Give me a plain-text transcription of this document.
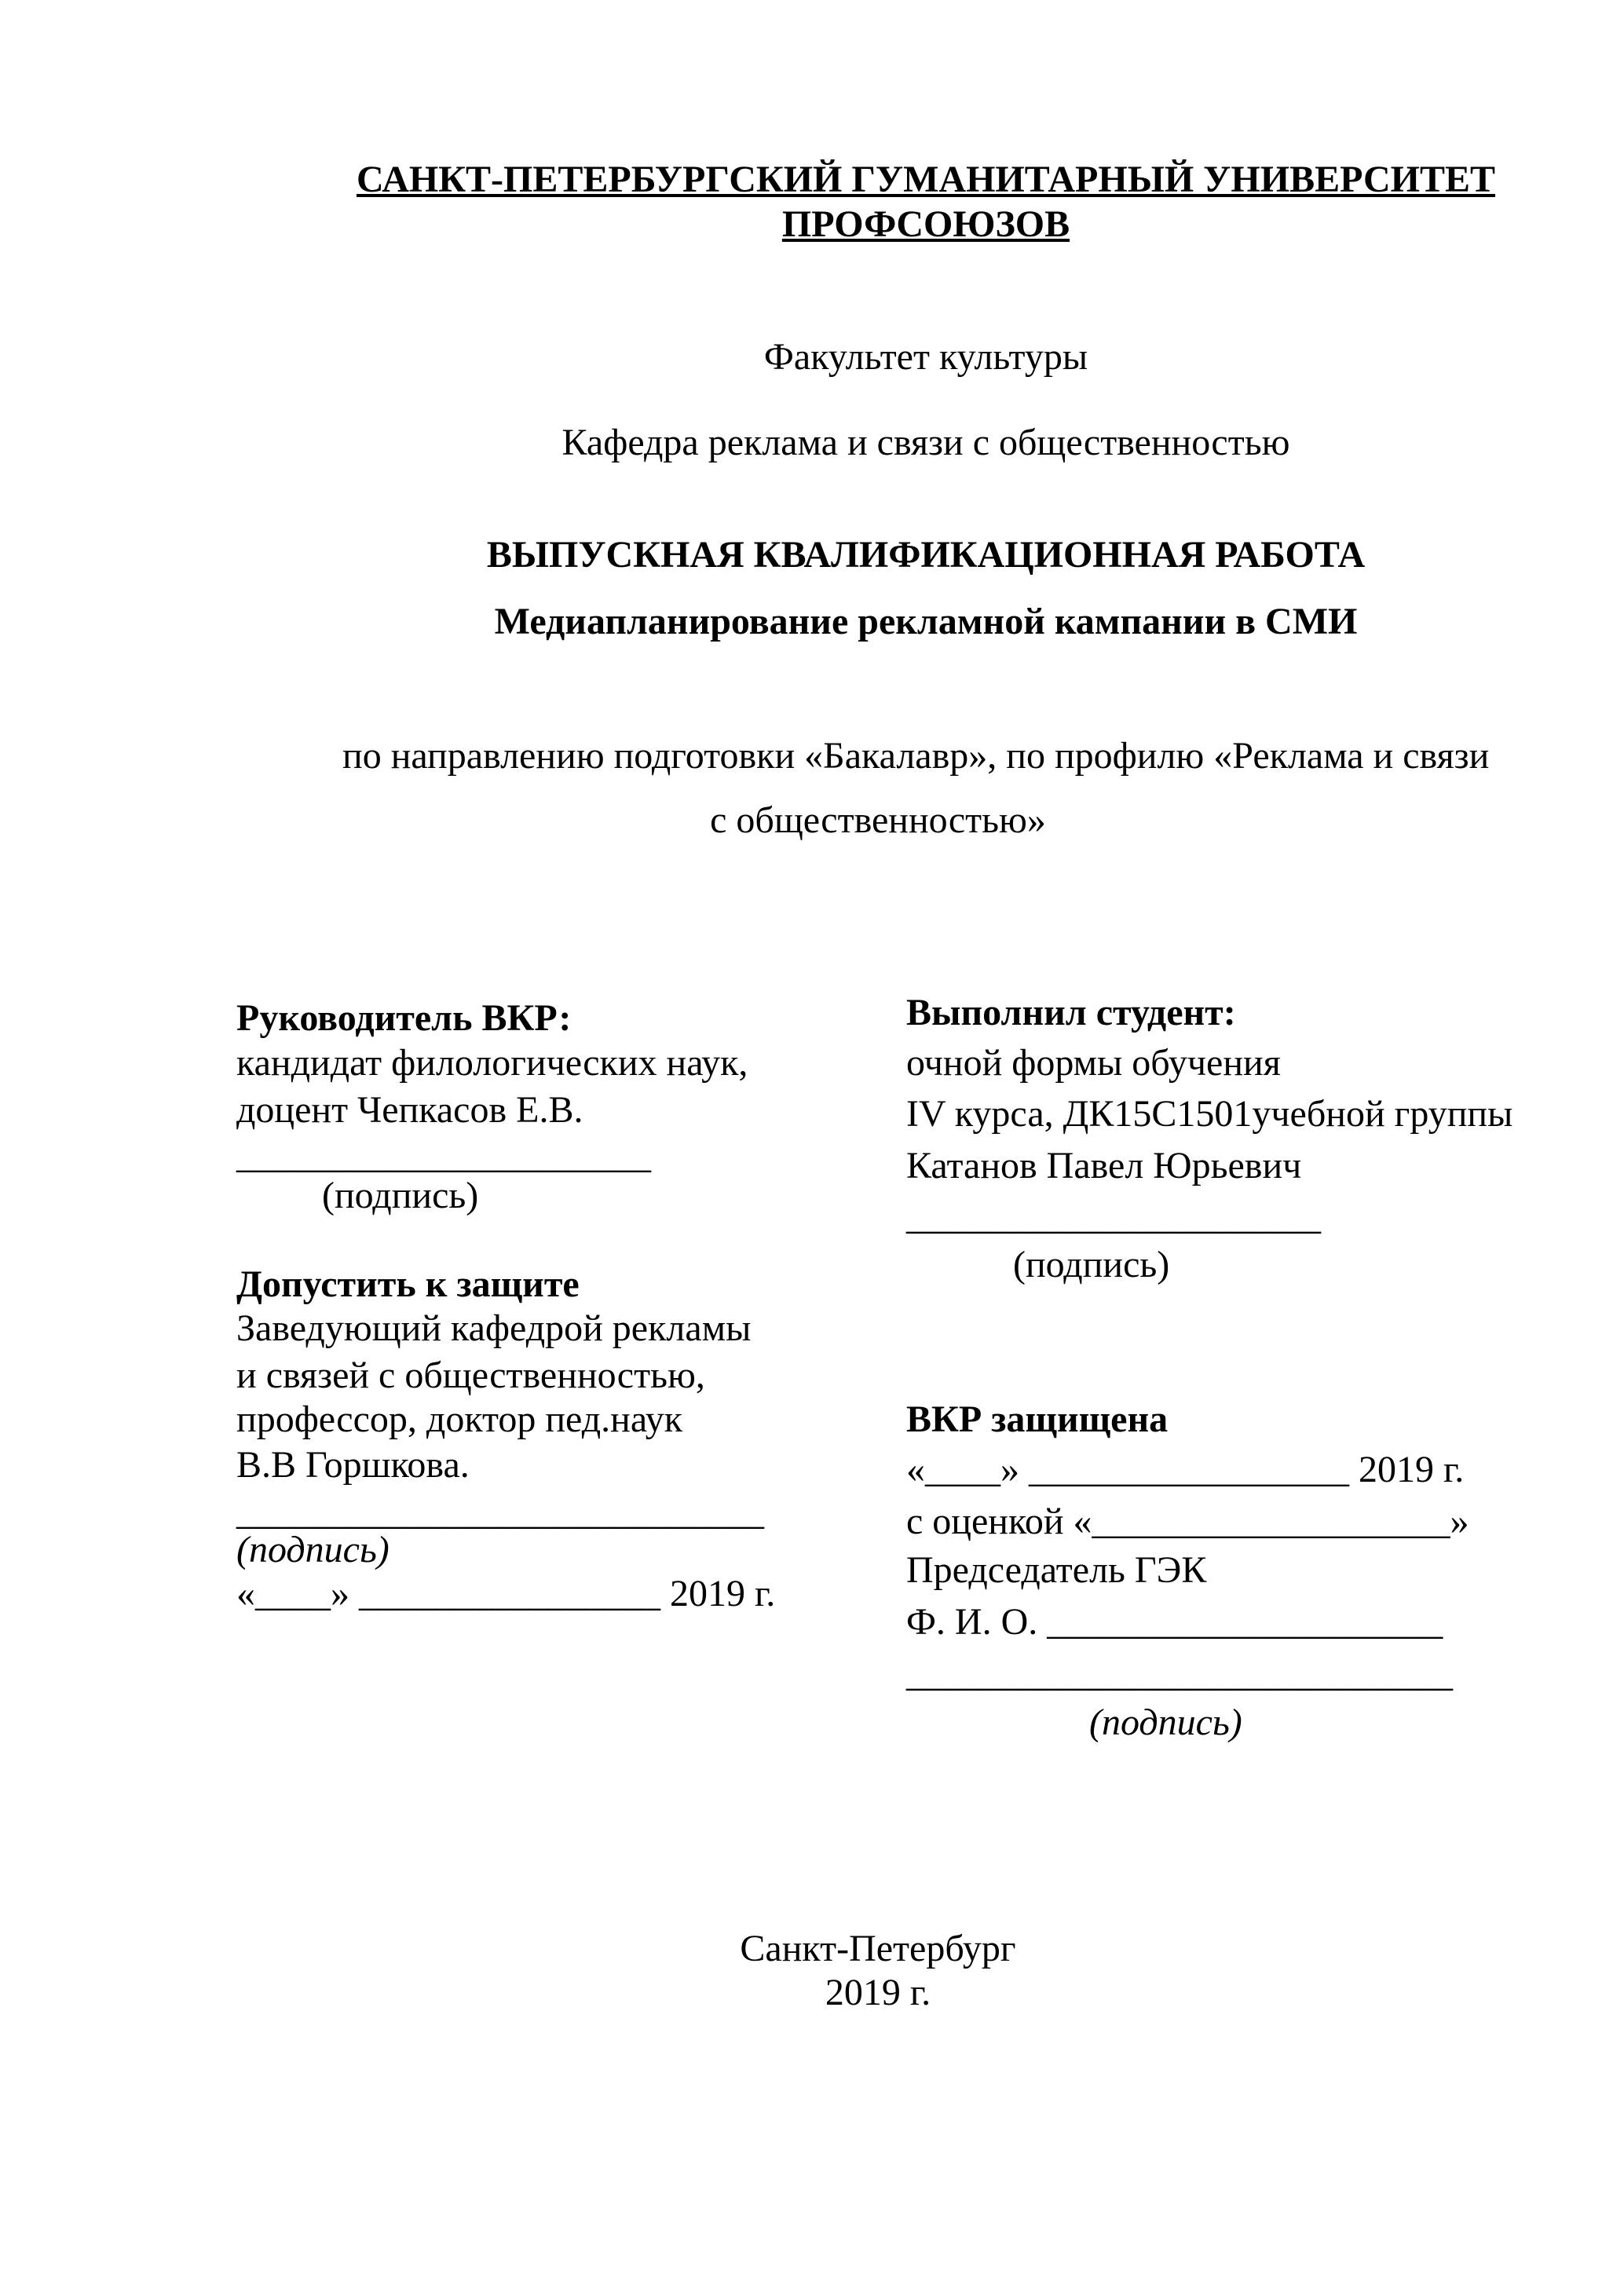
САНКТ-ПЕТЕРБУРГСКИЙ ГУМАНИТАРНЫЙ УНИВЕРСИТЕТ
ПРОФСОЮЗОВ
Факультет культуры
Кафедра реклама и связи с общественностью
ВЫПУСКНАЯ КВАЛИФИКАЦИОННАЯ РАБОТА
Медиапланирование рекламной кампании в СМИ
по направлению подготовки «Бакалавр», по профилю «Реклама и связи
с общественностью»
Руководитель ВКР:
кандидат филологических наук,
доцент Чепкасов Е.В.
______________________
(подпись)
Допустить к защите
Заведующий кафедрой рекламы
и связей с общественностью,
профессор, доктор пед.наук
В.В Горшкова.
____________________________
(подпись)
«____» ________________ 2019 г.
Выполнил студент:
очной формы обучения
IV курса, ДК15С1501учебной группы
Катанов Павел Юрьевич
______________________
(подпись)
ВКР защищена
«____» _________________ 2019 г.
с оценкой «___________________»
Председатель ГЭК
Ф. И. О. _____________________
_____________________________
(подпись)
Санкт-Петербург
2019 г.
